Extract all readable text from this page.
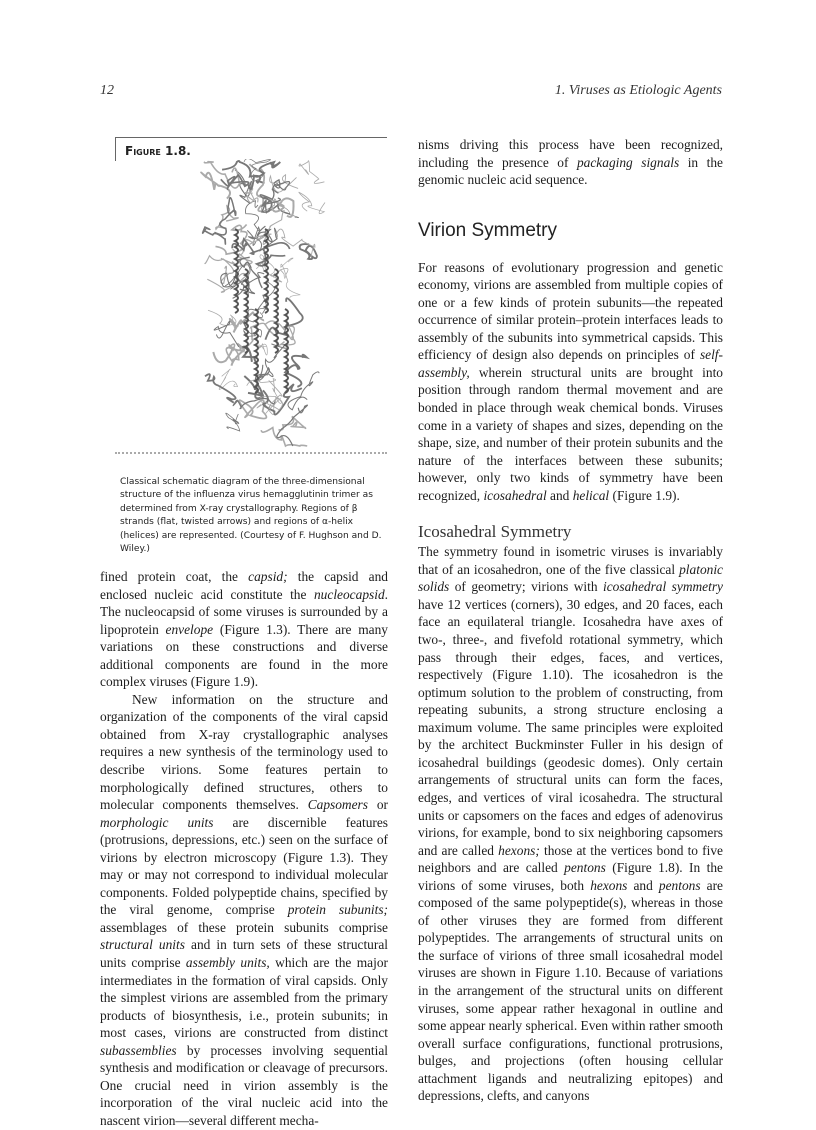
12	1. Viruses as Etiologic Agents
Figure 1.8.
Classical schematic diagram of the three-dimensional structure of the influenza virus hemagglutinin trimer as determined from X-ray crystallography. Regions of β strands (flat, twisted arrows) and regions of α-helix (helices) are represented. (Courtesy of F. Hughson and D. Wiley.)

fined protein coat, the capsid; the capsid and enclosed nucleic acid constitute the nucleocapsid. The nucleocapsid of some viruses is surrounded by a lipoprotein envelope (Figure 1.3). There are many variations on these constructions and diverse additional components are found in the more complex viruses (Figure 1.9).

New information on the structure and organization of the components of the viral capsid obtained from X-ray crystallographic analyses requires a new synthesis of the terminology used to describe virions. Some features pertain to morphologically defined structures, others to molecular components themselves. Capsomers or morphologic units are discernible features (protrusions, depressions, etc.) seen on the surface of virions by electron microscopy (Figure 1.3). They may or may not correspond to individual molecular components. Folded polypeptide chains, specified by the viral genome, comprise protein subunits; assemblages of these protein subunits comprise structural units and in turn sets of these structural units comprise assembly units, which are the major intermediates in the formation of viral capsids. Only the simplest virions are assembled from the primary products of biosynthesis, i.e., protein subunits; in most cases, virions are constructed from distinct subassemblies by processes involving sequential synthesis and modification or cleavage of precursors. One crucial need in virion assembly is the incorporation of the viral nucleic acid into the nascent virion—several different mecha-

nisms driving this process have been recognized, including the presence of packaging signals in the genomic nucleic acid sequence.

Virion Symmetry

For reasons of evolutionary progression and genetic economy, virions are assembled from multiple copies of one or a few kinds of protein subunits—the repeated occurrence of similar protein–protein interfaces leads to assembly of the subunits into symmetrical capsids. This efficiency of design also depends on principles of self-assembly, wherein structural units are brought into position through random thermal movement and are bonded in place through weak chemical bonds. Viruses come in a variety of shapes and sizes, depending on the shape, size, and number of their protein subunits and the nature of the interfaces between these subunits; however, only two kinds of symmetry have been recognized, icosahedral and helical (Figure 1.9).

Icosahedral Symmetry

The symmetry found in isometric viruses is invariably that of an icosahedron, one of the five classical platonic solids of geometry; virions with icosahedral symmetry have 12 vertices (corners), 30 edges, and 20 faces, each face an equilateral triangle. Icosahedra have axes of two-, three-, and fivefold rotational symmetry, which pass through their edges, faces, and vertices, respectively (Figure 1.10). The icosahedron is the optimum solution to the problem of constructing, from repeating subunits, a strong structure enclosing a maximum volume. The same principles were exploited by the architect Buckminster Fuller in his design of icosahedral buildings (geodesic domes). Only certain arrangements of structural units can form the faces, edges, and vertices of viral icosahedra. The structural units or capsomers on the faces and edges of adenovirus virions, for example, bond to six neighboring capsomers and are called hexons; those at the vertices bond to five neighbors and are called pentons (Figure 1.8). In the virions of some viruses, both hexons and pentons are composed of the same polypeptide(s), whereas in those of other viruses they are formed from different polypeptides. The arrangements of structural units on the surface of virions of three small icosahedral model viruses are shown in Figure 1.10. Because of variations in the arrangement of the structural units on different viruses, some appear rather hexagonal in outline and some appear nearly spherical. Even within rather smooth overall surface configurations, functional protrusions, bulges, and projections (often housing cellular attachment ligands and neutralizing epitopes) and depressions, clefts, and canyons
